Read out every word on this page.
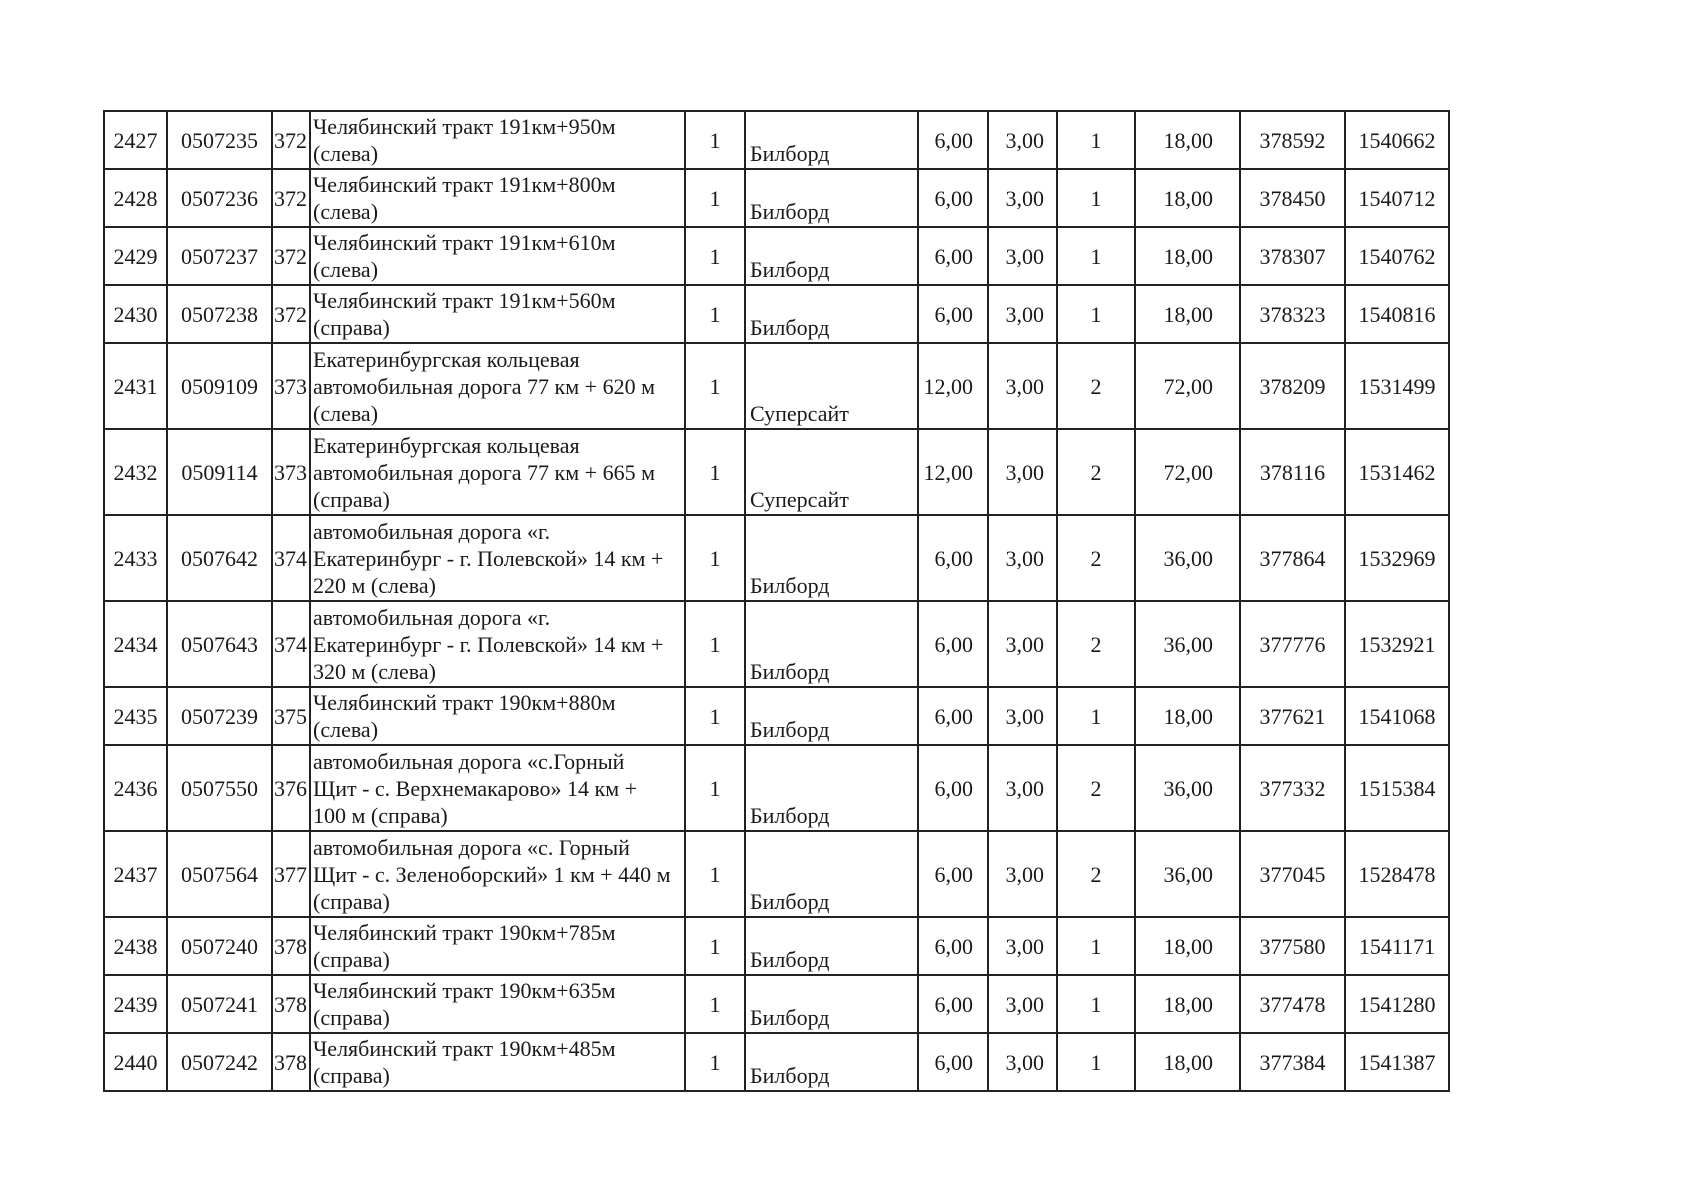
2427	0507235	372	Челябинский тракт 191км+950м
(слева)	1	Билборд	6,00	3,00	1	18,00	378592	1540662
2428	0507236	372	Челябинский тракт 191км+800м
(слева)	1	Билборд	6,00	3,00	1	18,00	378450	1540712
2429	0507237	372	Челябинский тракт 191км+610м
(слева)	1	Билборд	6,00	3,00	1	18,00	378307	1540762
2430	0507238	372	Челябинский тракт 191км+560м
(справа)	1	Билборд	6,00	3,00	1	18,00	378323	1540816
2431	0509109	373	Екатеринбургская кольцевая
автомобильная дорога 77 км + 620 м
(слева)	1	Суперсайт	12,00	3,00	2	72,00	378209	1531499
2432	0509114	373	Екатеринбургская кольцевая
автомобильная дорога 77 км + 665 м
(справа)	1	Суперсайт	12,00	3,00	2	72,00	378116	1531462
2433	0507642	374	автомобильная дорога «г.
Екатеринбург - г. Полевской» 14 км +
220 м (слева)	1	Билборд	6,00	3,00	2	36,00	377864	1532969
2434	0507643	374	автомобильная дорога «г.
Екатеринбург - г. Полевской» 14 км +
320 м (слева)	1	Билборд	6,00	3,00	2	36,00	377776	1532921
2435	0507239	375	Челябинский тракт 190км+880м
(слева)	1	Билборд	6,00	3,00	1	18,00	377621	1541068
2436	0507550	376	автомобильная дорога «с.Горный
Щит - с. Верхнемакарово» 14 км +
100 м (справа)	1	Билборд	6,00	3,00	2	36,00	377332	1515384
2437	0507564	377	автомобильная дорога «с. Горный
Щит - с. Зеленоборский» 1 км + 440 м
(справа)	1	Билборд	6,00	3,00	2	36,00	377045	1528478
2438	0507240	378	Челябинский тракт 190км+785м
(справа)	1	Билборд	6,00	3,00	1	18,00	377580	1541171
2439	0507241	378	Челябинский тракт 190км+635м
(справа)	1	Билборд	6,00	3,00	1	18,00	377478	1541280
2440	0507242	378	Челябинский тракт 190км+485м
(справа)	1	Билборд	6,00	3,00	1	18,00	377384	1541387
